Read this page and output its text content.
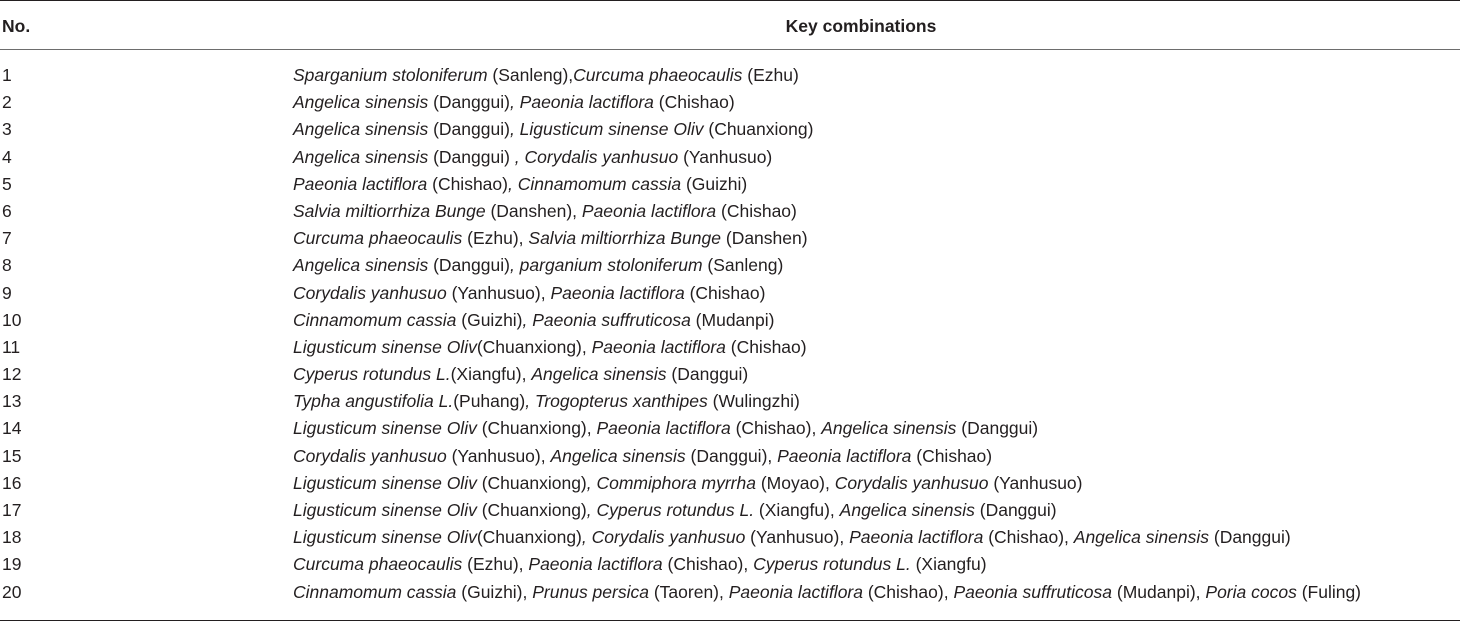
No.	Key combinations
1	Sparganium stoloniferum (Sanleng),Curcuma phaeocaulis (Ezhu)
2	Angelica sinensis (Danggui), Paeonia lactiflora (Chishao)
3	Angelica sinensis (Danggui), Ligusticum sinense Oliv (Chuanxiong)
4	Angelica sinensis (Danggui) , Corydalis yanhusuo (Yanhusuo)
5	Paeonia lactiflora (Chishao), Cinnamomum cassia (Guizhi)
6	Salvia miltiorrhiza Bunge (Danshen), Paeonia lactiflora (Chishao)
7	Curcuma phaeocaulis (Ezhu), Salvia miltiorrhiza Bunge (Danshen)
8	Angelica sinensis (Danggui), parganium stoloniferum (Sanleng)
9	Corydalis yanhusuo (Yanhusuo), Paeonia lactiflora (Chishao)
10	Cinnamomum cassia (Guizhi), Paeonia suffruticosa (Mudanpi)
11	Ligusticum sinense Oliv(Chuanxiong), Paeonia lactiflora (Chishao)
12	Cyperus rotundus L.(Xiangfu), Angelica sinensis (Danggui)
13	Typha angustifolia L.(Puhang), Trogopterus xanthipes (Wulingzhi)
14	Ligusticum sinense Oliv (Chuanxiong), Paeonia lactiflora (Chishao), Angelica sinensis (Danggui)
15	Corydalis yanhusuo (Yanhusuo), Angelica sinensis (Danggui), Paeonia lactiflora (Chishao)
16	Ligusticum sinense Oliv (Chuanxiong), Commiphora myrrha (Moyao), Corydalis yanhusuo (Yanhusuo)
17	Ligusticum sinense Oliv (Chuanxiong), Cyperus rotundus L. (Xiangfu), Angelica sinensis (Danggui)
18	Ligusticum sinense Oliv(Chuanxiong), Corydalis yanhusuo (Yanhusuo), Paeonia lactiflora (Chishao), Angelica sinensis (Danggui)
19	Curcuma phaeocaulis (Ezhu), Paeonia lactiflora (Chishao), Cyperus rotundus L. (Xiangfu)
20	Cinnamomum cassia (Guizhi), Prunus persica (Taoren), Paeonia lactiflora (Chishao), Paeonia suffruticosa (Mudanpi), Poria cocos (Fuling)
